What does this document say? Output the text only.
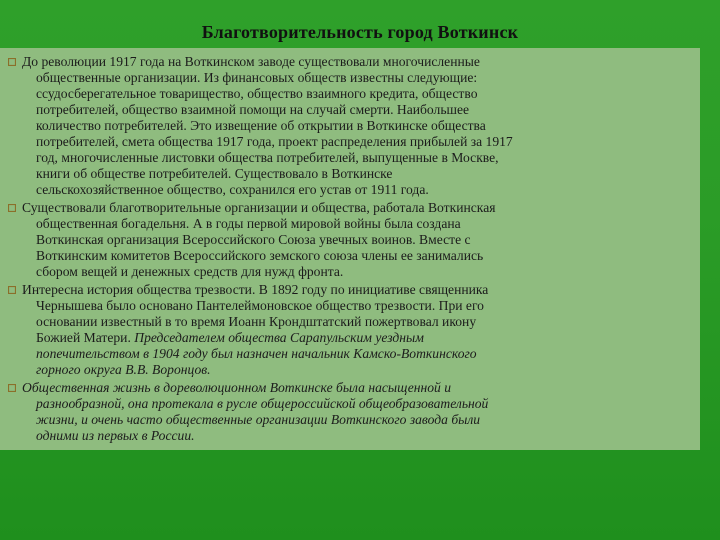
Благотворительность город Воткинск
До революции 1917 года на Воткинском заводе существовали многочисленные
общественные организации. Из финансовых обществ известны следующие:
ссудосберегательное товарищество, общество взаимного кредита, общество
потребителей, общество взаимной помощи на случай смерти. Наибольшее
количество потребителей. Это извещение об открытии в Воткинске общества
потребителей, смета общества 1917 года, проект распределения прибылей за 1917
год, многочисленные листовки общества потребителей, выпущенные в Москве,
книги об обществе потребителей. Существовало в Воткинске
сельскохозяйственное общество, сохранился его устав от 1911 года.
Существовали благотворительные организации и общества, работала Воткинская
общественная богадельня. А в годы первой мировой войны была создана
Воткинская организация Всероссийского Союза увечных воинов. Вместе с
Воткинским комитетов Всероссийского земского союза члены ее занимались
сбором вещей и денежных средств для нужд фронта.
Интересна история общества трезвости. В 1892 году по инициативе священника
Чернышева было основано Пантелеймоновское общество трезвости. При его
основании известный в то время Иоанн Крондштатский пожертвовал икону
Божией Матери. Председателем общества Сарапульским уездным
попечительством в 1904 году был назначен начальник Камско-Воткинского
горного округа В.В. Воронцов.
Общественная жизнь в дореволюционном Воткинске была насыщенной и
разнообразной, она протекала в русле общероссийской общеобразовательной
жизни, и очень часто общественные организации Воткинского завода были
одними из первых в России.
